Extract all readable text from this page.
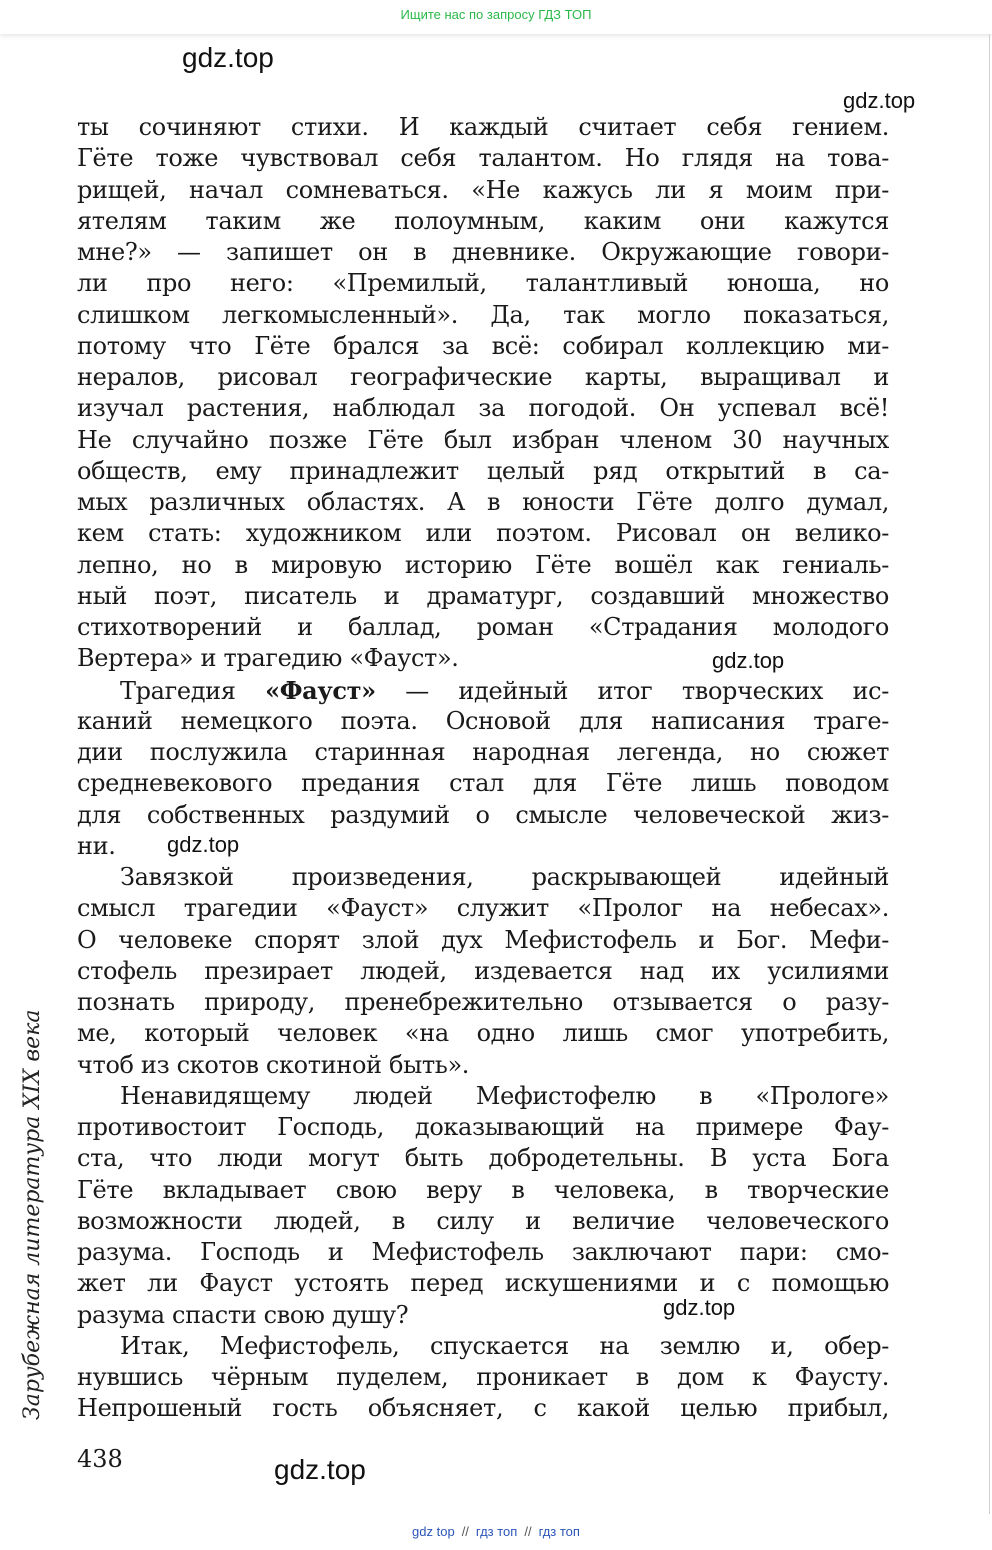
Ищите нас по запросу ГДЗ ТОП
gdz.top
gdz.top
gdz.top
gdz.top
gdz.top
gdz.top
ты сочиняют стихи. И каждый считает себя гением.
Гёте тоже чувствовал себя талантом. Но глядя на това-
рищей, начал сомневаться. «Не кажусь ли я моим при-
ятелям таким же полоумным, каким они кажутся
мне?» — запишет он в дневнике. Окружающие говори-
ли про него: «Премилый, талантливый юноша, но
слишком легкомысленный». Да, так могло показаться,
потому что Гёте брался за всё: собирал коллекцию ми-
нералов, рисовал географические карты, выращивал и
изучал растения, наблюдал за погодой. Он успевал всё!
Не случайно позже Гёте был избран членом 30 научных
обществ, ему принадлежит целый ряд открытий в са-
мых различных областях. А в юности Гёте долго думал,
кем стать: художником или поэтом. Рисовал он велико-
лепно, но в мировую историю Гёте вошёл как гениаль-
ный поэт, писатель и драматург, создавший множество
стихотворений и баллад, роман «Страдания молодого
Вертера» и трагедию «Фауст».
Трагедия «Фауст» — идейный итог творческих ис-
каний немецкого поэта. Основой для написания траге-
дии послужила старинная народная легенда, но сюжет
средневекового предания стал для Гёте лишь поводом
для собственных раздумий о смысле человеческой жиз-
ни.
Завязкой произведения, раскрывающей идейный
смысл трагедии «Фауст» служит «Пролог на небесах».
О человеке спорят злой дух Мефистофель и Бог. Мефи-
стофель презирает людей, издевается над их усилиями
познать природу, пренебрежительно отзывается о разу-
ме, который человек «на одно лишь смог употребить,
чтоб из скотов скотиной быть».
Ненавидящему людей Мефистофелю в «Прологе»
противостоит Господь, доказывающий на примере Фау-
ста, что люди могут быть добродетельны. В уста Бога
Гёте вкладывает свою веру в человека, в творческие
возможности людей, в силу и величие человеческого
разума. Господь и Мефистофель заключают пари: смо-
жет ли Фауст устоять перед искушениями и с помощью
разума спасти свою душу?
Итак, Мефистофель, спускается на землю и, обер-
нувшись чёрным пуделем, проникает в дом к Фаусту.
Непрошеный гость объясняет, с какой целью прибыл,
Зарубежная литература XIX века
438
gdz top // гдз топ // гдз топ
